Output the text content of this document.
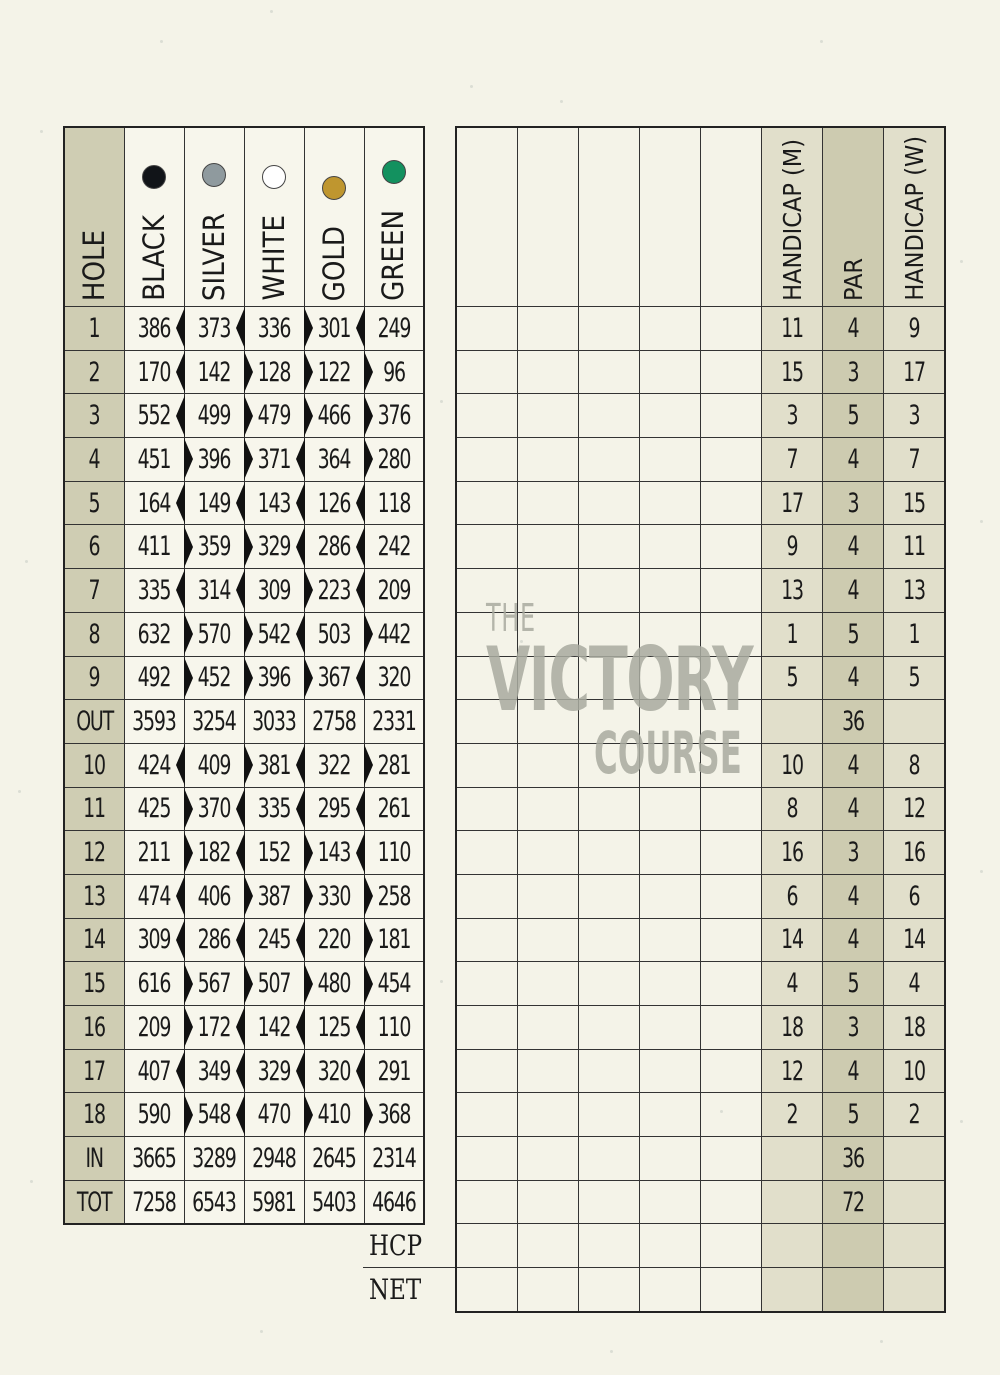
HOLE	BLACK	SILVER	WHITE	GOLD	GREEN
1	386	373	336	301	249
2	170	142	128	122	96

3	552	499	479	466	376

4	451	396	371	364	280

5	164	149	143	126	118
6	411	359	329	286	242
7	335	314	309	223	209
8	632	570	542	503	442

9	492	452	396	367	320
OUT	3593	3254	3033	2758	2331
10	424	409	381	322	281

11	425	370	335	295	261
12	211	182	152	143	110
13	474	406	387	330	258

14	309	286	245	220	181

15	616	567	507	480	454

16	209	172	142	125	110
17	407	349	329	320	291
18	590	548	470	410	368

IN	3665	3289	2948	2645	2314
TOT	7258	6543	5981	5403	4646
HCP
NET
					HANDICAP (M)	PAR	HANDICAP (W)
					11	4	9
					15	3	17
					3	5	3
					7	4	7
					17	3	15
					9	4	11
					13	4	13
					1	5	1
					5	4	5
						36	
					10	4	8
					8	4	12
					16	3	16
					6	4	6
					14	4	14
					4	5	4
					18	3	18
					12	4	10
					2	5	2
						36	
						72	

THE
VICTORY
COURSE
